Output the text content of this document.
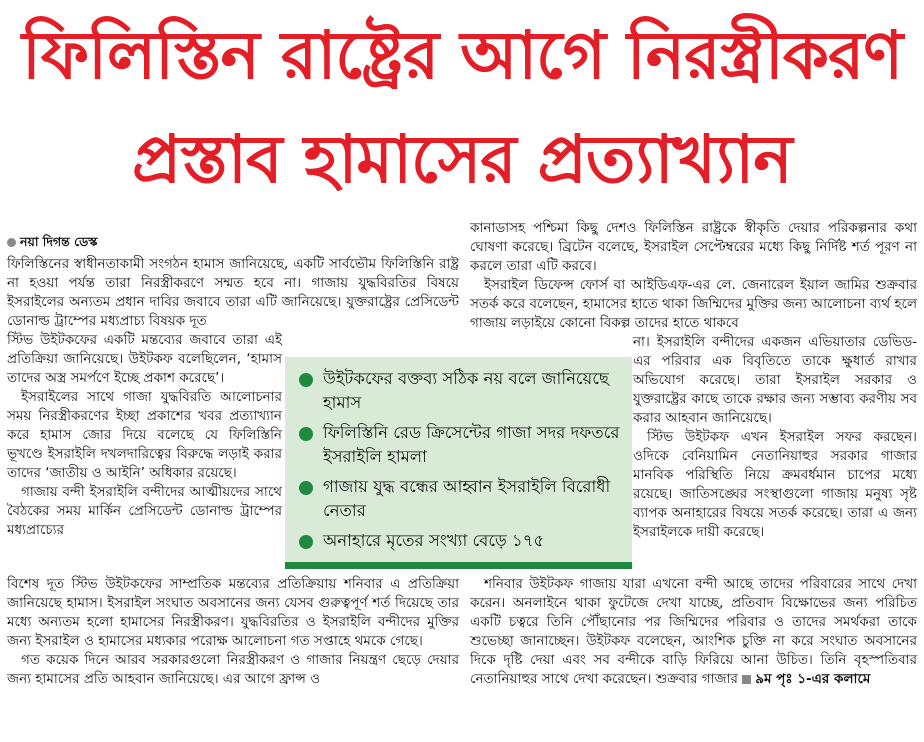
ফিলিস্তিন রাষ্ট্রের আগে নিরস্ত্রীকরণ
প্রস্তাব হামাসের প্রত্যাখ্যান

নয়া দিগন্ত ডেস্ক

ফিলিস্তিনের স্বাধীনতাকামী সংগঠন হামাস জানিয়েছে, একটি সার্বভৌম ফিলিস্তিনি রাষ্ট্র না হওয়া পর্যন্ত তারা নিরস্ত্রীকরণে সম্মত হবে না। গাজায় যুদ্ধবিরতির বিষয়ে ইসরাইলের অন্যতম প্রধান দাবির জবাবে তারা এটি জানিয়েছে। যুক্তরাষ্ট্রের প্রেসিডেন্ট ডোনাল্ড ট্রাম্পের মধ্যপ্রাচ্য বিষয়ক দূত

স্টিভ উইটকফের একটি মন্তব্যের জবাবে তারা এই প্রতিক্রিয়া জানিয়েছে। উইটকফ বলেছিলেন, ‘হামাস তাদের অস্ত্র সমর্পণে ইচ্ছে প্রকাশ করেছে’।

ইসরাইলের সাথে গাজা যুদ্ধবিরতি আলোচনার সময় নিরস্ত্রীকরণের ইচ্ছা প্রকাশের খবর প্রত্যাখ্যান করে হামাস জোর দিয়ে বলেছে যে ফিলিস্তিনি ভূখণ্ডে ইসরাইলি দখলদারিত্বের বিরুদ্ধে লড়াই করার তাদের ‘জাতীয় ও আইনি’ অধিকার রয়েছে।

গাজায় বন্দী ইসরাইলি বন্দীদের আত্মীয়দের সাথে বৈঠকের সময় মার্কিন প্রেসিডেন্ট ডোনাল্ড ট্রাম্পের মধ্যপ্রাচ্যের

কানাডাসহ পশ্চিমা কিছু দেশও ফিলিস্তিন রাষ্ট্রকে স্বীকৃতি দেয়ার পরিকল্পনার কথা ঘোষণা করেছে। ব্রিটেন বলেছে, ইসরাইল সেপ্টেম্বরের মধ্যে কিছু নির্দিষ্ট শর্ত পূরণ না করলে তারা এটি করবে।

ইসরাইল ডিফেন্স ফোর্স বা আইডিএফ-এর লে. জেনারেল ইয়াল জামির শুক্রবার সতর্ক করে বলেছেন, হামাসের হাতে থাকা জিম্মিদের মুক্তির জন্য আলোচনা ব্যর্থ হলে গাজায় লড়াইয়ে কোনো বিকল্প তাদের হাতে থাকবে

না। ইসরাইলি বন্দীদের একজন এভিয়াতার ডেভিড-এর পরিবার এক বিবৃতিতে তাকে ক্ষুধার্ত রাখার অভিযোগ করেছে। তারা ইসরাইল সরকার ও যুক্তরাষ্ট্রের কাছে তাকে রক্ষার জন্য সম্ভাব্য করণীয় সব করার আহবান জানিয়েছে।

স্টিভ উইটকফ এখন ইসরাইল সফর করছেন। ওদিকে বেনিয়ামিন নেতানিয়াহুর সরকার গাজার মানবিক পরিস্থিতি নিয়ে ক্রমবর্ধমান চাপের মধ্যে রয়েছে। জাতিসঙ্ঘের সংস্থাগুলো গাজায় মনুষ্য সৃষ্ট ব্যাপক অনাহারের বিষয়ে সতর্ক করেছে। তারা এ জন্য ইসরাইলকে দায়ী করেছে।

উইটকফের বক্তব্য সঠিক নয় বলে জানিয়েছে হামাস
ফিলিস্তিনি রেড ক্রিসেন্টের গাজা সদর দফতরে ইসরাইলি হামলা
গাজায় যুদ্ধ বন্ধের আহ্বান ইসরাইলি বিরোধী নেতার
অনাহারে মৃতের সংখ্যা বেড়ে ১৭৫

বিশেষ দূত স্টিভ উইটকফের সাম্প্রতিক মন্তব্যের প্রতিক্রিয়ায় শনিবার এ প্রতিক্রিয়া জানিয়েছে হামাস। ইসরাইল সংঘাত অবসানের জন্য যেসব গুরুত্বপূর্ণ শর্ত দিয়েছে তার মধ্যে অন্যতম হলো হামাসের নিরস্ত্রীকরণ। যুদ্ধবিরতির ও ইসরাইলি বন্দীদের মুক্তির জন্য ইসরাইল ও হামাসের মধ্যকার পরোক্ষ আলোচনা গত সপ্তাহে থমকে গেছে।

গত কয়েক দিনে আরব সরকারগুলো নিরস্ত্রীকরণ ও গাজার নিয়ন্ত্রণ ছেড়ে দেয়ার জন্য হামাসের প্রতি আহবান জানিয়েছে। এর আগে ফ্রান্স ও

শনিবার উইটকফ গাজায় যারা এখনো বন্দী আছে তাদের পরিবারের সাথে দেখা করেন। অনলাইনে থাকা ফুটেজে দেখা যাচ্ছে, প্রতিবাদ বিক্ষোভের জন্য পরিচিত একটি চত্বরে তিনি পৌঁছানোর পর জিম্মিদের পরিবার ও তাদের সমর্থকরা তাকে শুভেচ্ছা জানাচ্ছেন। উইটকফ বলেছেন, আংশিক চুক্তি না করে সংঘাত অবসানের দিকে দৃষ্টি দেয়া এবং সব বন্দীকে বাড়ি ফিরিয়ে আনা উচিত। তিনি বৃহস্পতিবার নেতানিয়াহুর সাথে দেখা করেছেন। শুক্রবার গাজার ৯ম পৃঃ ১-এর কলামে
